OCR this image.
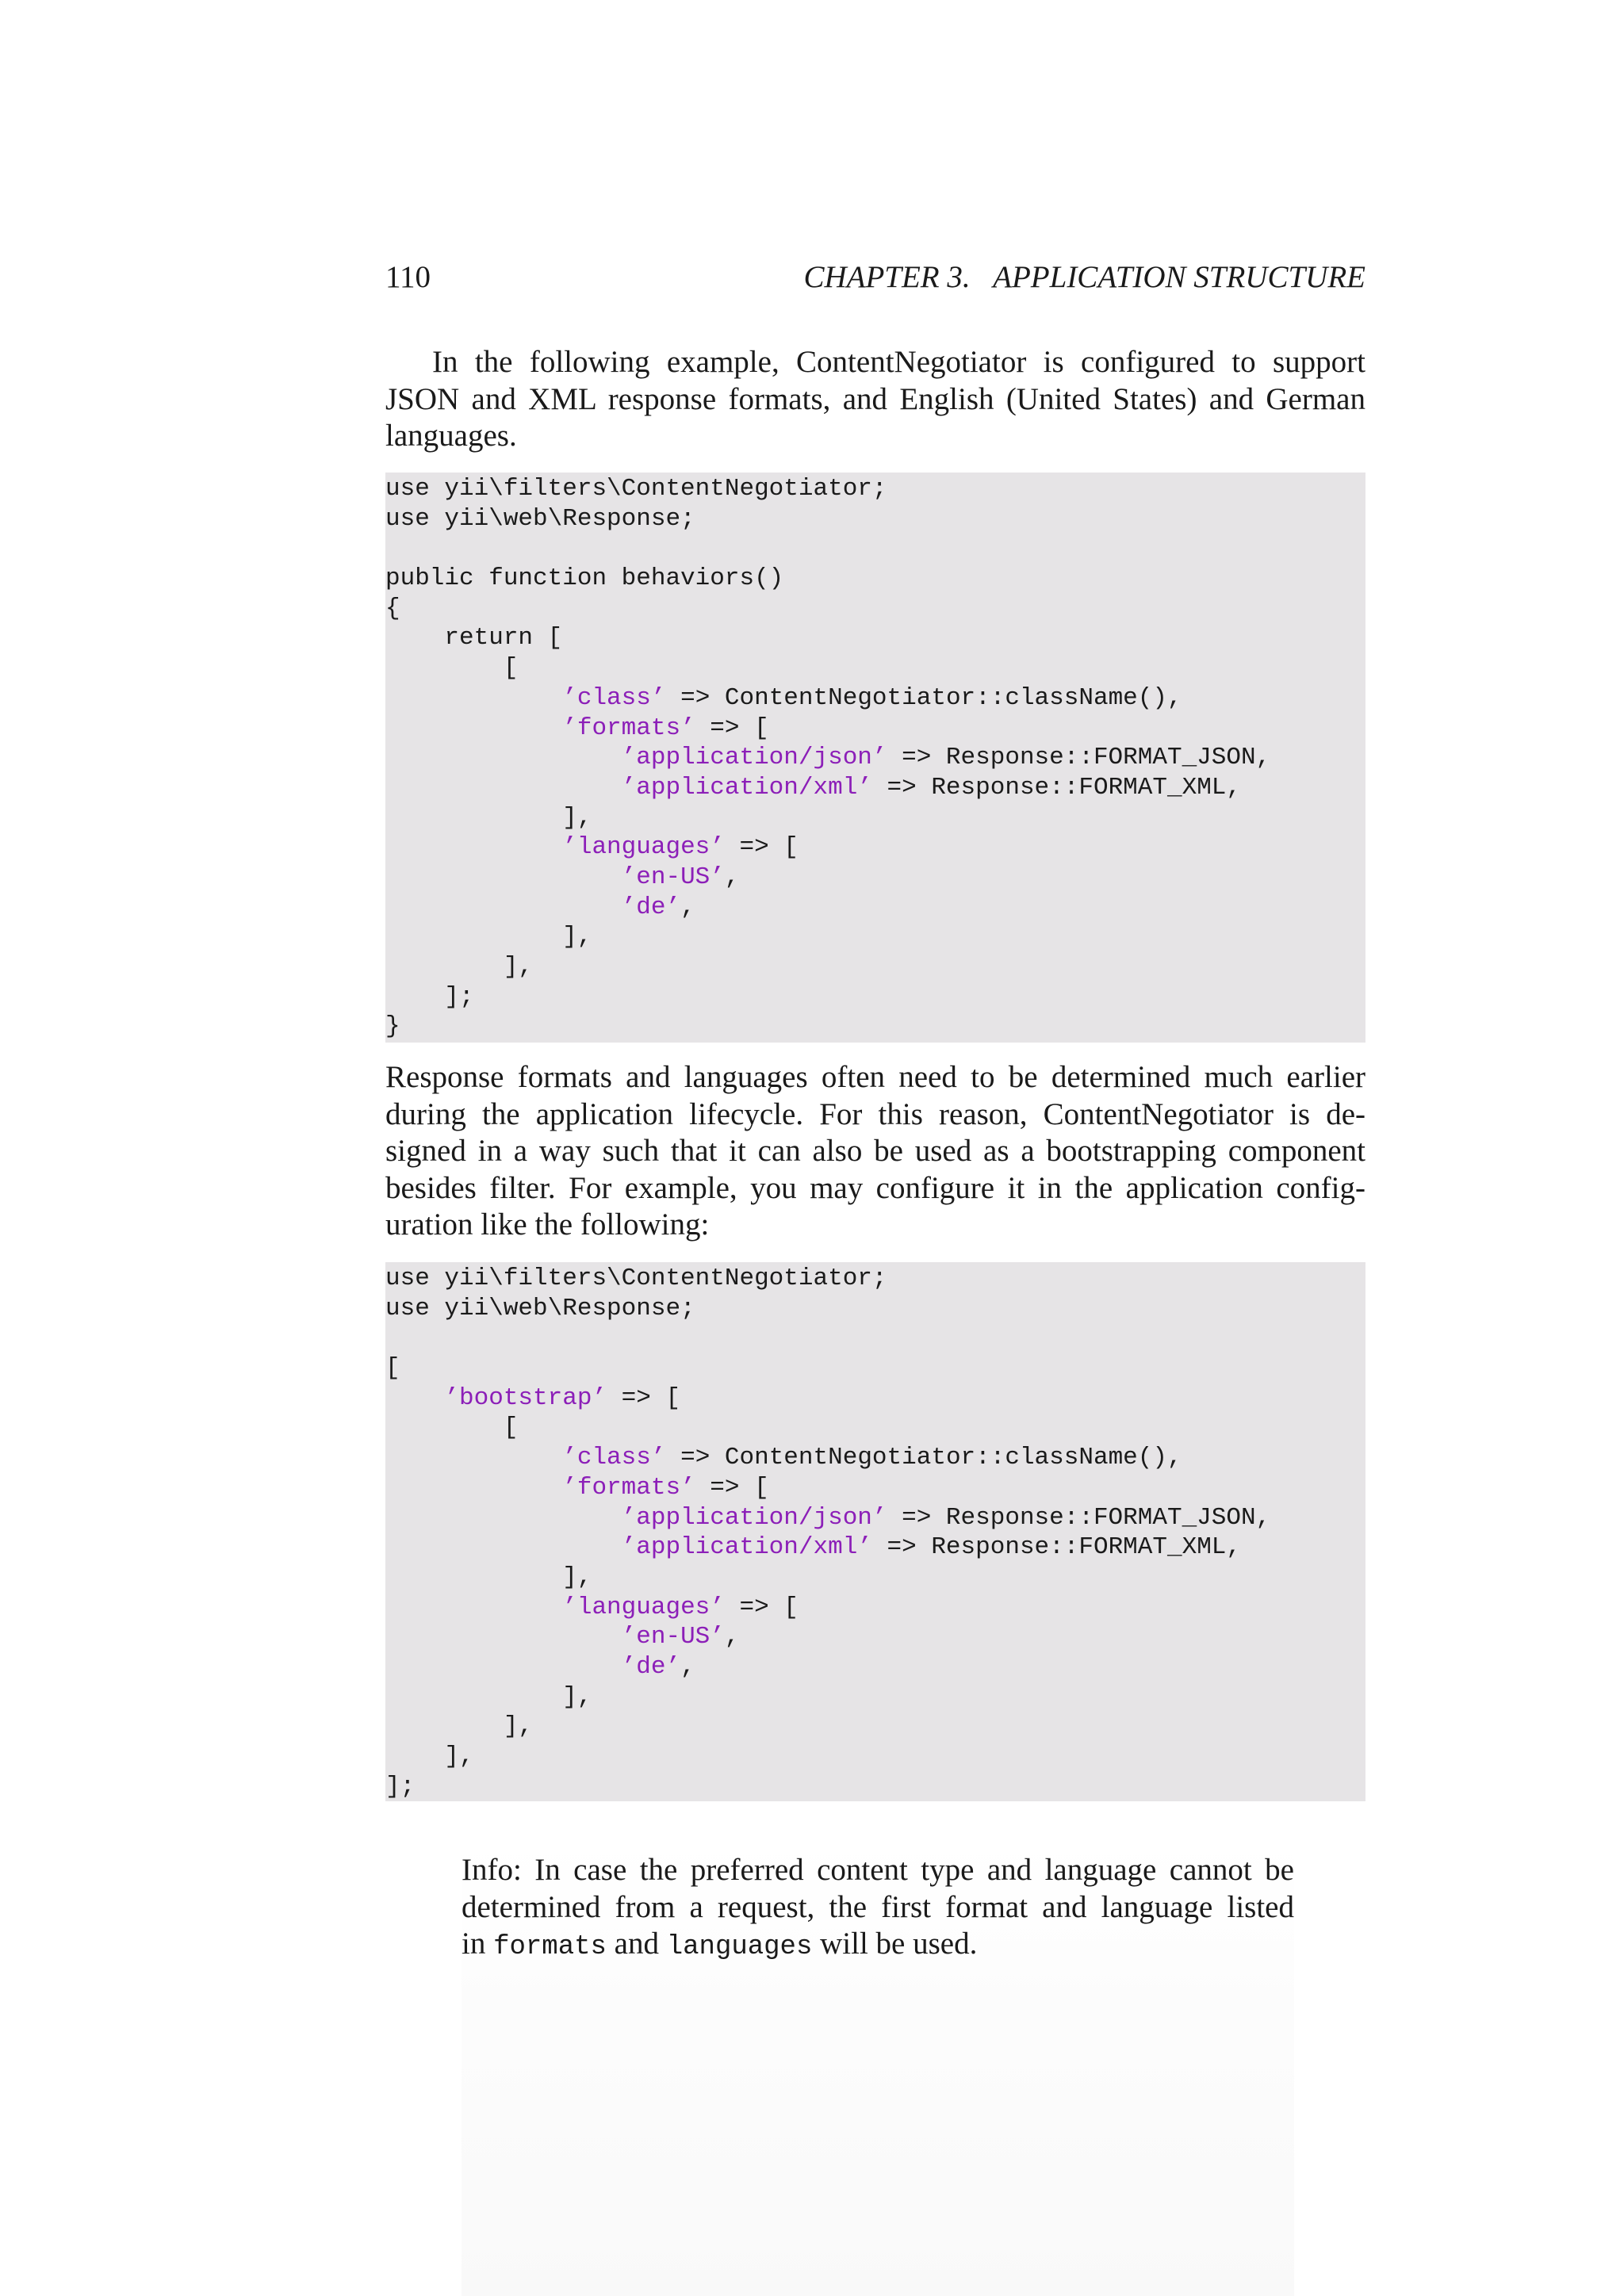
110	CHAPTER 3.   APPLICATION STRUCTURE
In the following example, ContentNegotiator is configured to support
JSON and XML response formats, and English (United States) and German
languages.
use yii\filters\ContentNegotiator;
use yii\web\Response;
public function behaviors()
{
return [
[
’class’ => ContentNegotiator::className(),
’formats’ => [
’application/json’ => Response::FORMAT_JSON,
’application/xml’ => Response::FORMAT_XML,
],
’languages’ => [
’en-US’,
’de’,
],
],
];
}
Response formats and languages often need to be determined much earlier
during the application lifecycle. For this reason, ContentNegotiator is de-
signed in a way such that it can also be used as a bootstrapping component
besides filter. For example, you may configure it in the application config-
uration like the following:
use yii\filters\ContentNegotiator;
use yii\web\Response;
[
’bootstrap’ => [
[
’class’ => ContentNegotiator::className(),
’formats’ => [
’application/json’ => Response::FORMAT_JSON,
’application/xml’ => Response::FORMAT_XML,
],
’languages’ => [
’en-US’,
’de’,
],
],
],
];
Info: In case the preferred content type and language cannot be
determined from a request, the first format and language listed
in formats and languages will be used.
